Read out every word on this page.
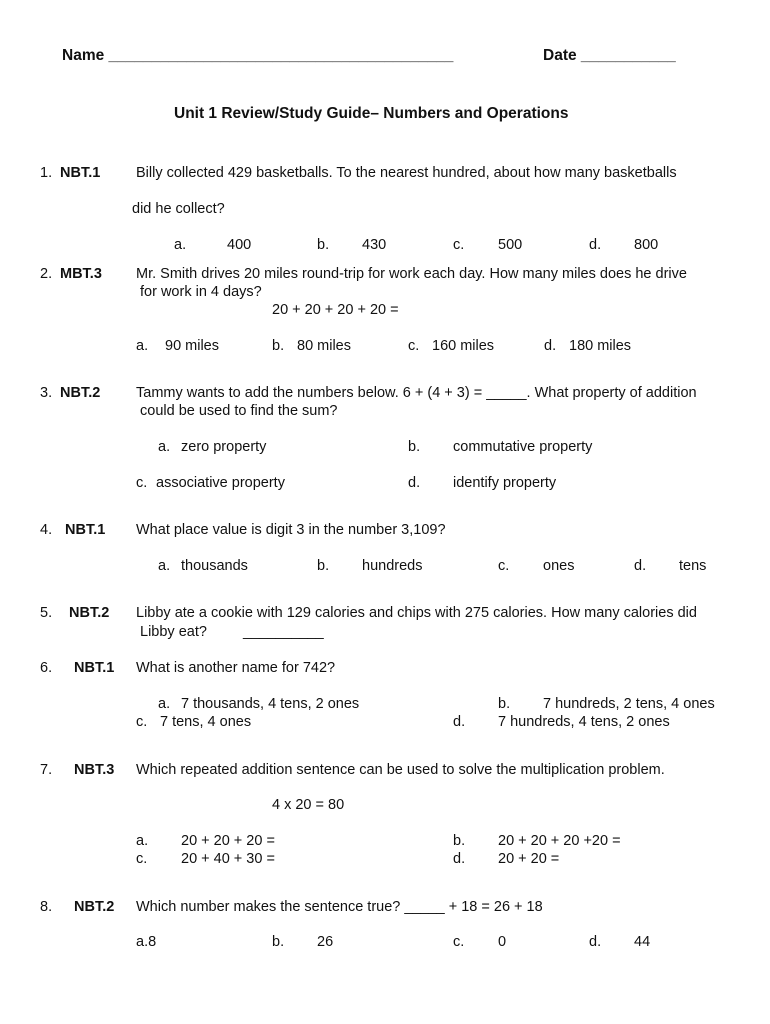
Name ________________________________________	Date ___________
Unit 1 Review/Study Guide– Numbers and Operations
1. NBT.1 Billy collected 429 basketballs. To the nearest hundred, about how many basketballs
did he collect?
a.	400	b. 430	c. 500	d. 800
2. MBT.3 Mr. Smith drives 20 miles round-trip for work each day. How many miles does he drive
for work in 4 days?
20 + 20 + 20 + 20 =
a. 90 miles	b. 80 miles	c. 160 miles	d. 180 miles
3. NBT.2 Tammy wants to add the numbers below. 6 + (4 + 3) = _____. What property of addition
could be used to find the sum?
a. zero property	b. commutative property
c. associative property	d. identify property
4. NBT.1 What place value is digit 3 in the number 3,109?
a. thousands	b. hundreds	c. ones	d. tens
5. NBT.2 Libby ate a cookie with 129 calories and chips with 275 calories. How many calories did
Libby eat? __________
6. NBT.1 What is another name for 742?
a. 7 thousands, 4 tens, 2 ones	b. 7 hundreds, 2 tens, 4 ones
c. 7 tens, 4 ones	d. 7 hundreds, 4 tens, 2 ones
7. NBT.3 Which repeated addition sentence can be used to solve the multiplication problem.
4 x 20 = 80
a. 20 + 20 + 20 =	b. 20 + 20 + 20 +20 =
c. 20 + 40 + 30 =	d. 20 + 20 =
8. NBT.2 Which number makes the sentence true? _____ + 18 = 26 + 18
a.8	b. 26	c. 0	d. 44
